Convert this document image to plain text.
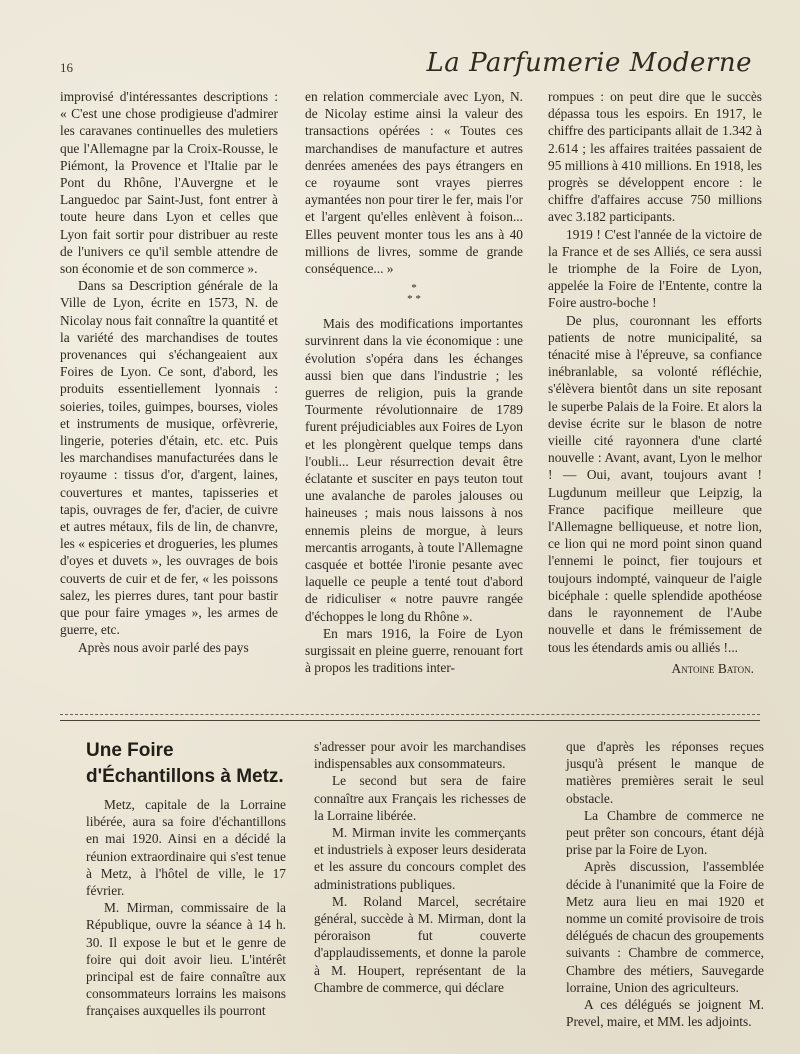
16	La Parfumerie Moderne

improvisé d'intéressantes descriptions : « C'est une chose prodigieuse d'admirer les caravanes continuelles des muletiers que l'Allemagne par la Croix-Rousse, le Piémont, la Provence et l'Italie par le Pont du Rhône, l'Auvergne et le Languedoc par Saint-Just, font entrer à toute heure dans Lyon et celles que Lyon fait sortir pour distribuer au reste de l'univers ce qu'il semble attendre de son économie et de son commerce ».

Dans sa Description générale de la Ville de Lyon, écrite en 1573, N. de Nicolay nous fait connaître la quantité et la variété des marchandises de toutes provenances qui s'échangeaient aux Foires de Lyon. Ce sont, d'abord, les produits essentiellement lyonnais : soieries, toiles, guimpes, bourses, violes et instruments de musique, orfèvrerie, lingerie, poteries d'étain, etc. etc. Puis les marchandises manufacturées dans le royaume : tissus d'or, d'argent, laines, couvertures et mantes, tapisseries et tapis, ouvrages de fer, d'acier, de cuivre et autres métaux, fils de lin, de chanvre, les « espiceries et drogueries, les plumes d'oyes et duvets », les ouvrages de bois couverts de cuir et de fer, « les poissons salez, les pierres dures, tant pour bastir que pour faire ymages », les armes de guerre, etc.

Après nous avoir parlé des pays

en relation commerciale avec Lyon, N. de Nicolay estime ainsi la valeur des transactions opérées : « Toutes ces marchandises de manufacture et autres denrées amenées des pays étrangers en ce royaume sont vrayes pierres aymantées non pour tirer le fer, mais l'or et l'argent qu'elles enlèvent à foison... Elles peuvent monter tous les ans à 40 millions de livres, somme de grande conséquence... »

*
* *

Mais des modifications importantes survinrent dans la vie économique : une évolution s'opéra dans les échanges aussi bien que dans l'industrie ; les guerres de religion, puis la grande Tourmente révolutionnaire de 1789 furent préjudiciables aux Foires de Lyon et les plongèrent quelque temps dans l'oubli... Leur résurrection devait être éclatante et susciter en pays teuton tout une avalanche de paroles jalouses ou haineuses ; mais nous laissons à nos ennemis pleins de morgue, à leurs mercantis arrogants, à toute l'Allemagne casquée et bottée l'ironie pesante avec laquelle ce peuple a tenté tout d'abord de ridiculiser « notre pauvre rangée d'échoppes le long du Rhône ».

En mars 1916, la Foire de Lyon surgissait en pleine guerre, renouant fort à propos les traditions inter-

rompues : on peut dire que le succès dépassa tous les espoirs. En 1917, le chiffre des participants allait de 1.342 à 2.614 ; les affaires traitées passaient de 95 millions à 410 millions. En 1918, les progrès se développent encore : le chiffre d'affaires accuse 750 millions avec 3.182 participants.

1919 ! C'est l'année de la victoire de la France et de ses Alliés, ce sera aussi le triomphe de la Foire de Lyon, appelée la Foire de l'Entente, contre la Foire austro-boche !

De plus, couronnant les efforts patients de notre municipalité, sa ténacité mise à l'épreuve, sa confiance inébranlable, sa volonté réfléchie, s'élèvera bientôt dans un site reposant le superbe Palais de la Foire. Et alors la devise écrite sur le blason de notre vieille cité rayonnera d'une clarté nouvelle : Avant, avant, Lyon le melhor ! — Oui, avant, toujours avant ! Lugdunum meilleur que Leipzig, la France pacifique meilleure que l'Allemagne belliqueuse, et notre lion, ce lion qui ne mord point sinon quand l'ennemi le poinct, fier toujours et toujours indompté, vainqueur de l'aigle bicéphale : quelle splendide apothéose dans le rayonnement de l'Aube nouvelle et dans le frémissement de tous les étendards amis ou alliés !...

Antoine Baton.
Une Foire d'Échantillons à Metz.

Metz, capitale de la Lorraine libérée, aura sa foire d'échantillons en mai 1920. Ainsi en a décidé la réunion extraordinaire qui s'est tenue à Metz, à l'hôtel de ville, le 17 février.

M. Mirman, commissaire de la République, ouvre la séance à 14 h. 30. Il expose le but et le genre de foire qui doit avoir lieu. L'intérêt principal est de faire connaître aux consommateurs lorrains les maisons françaises auxquelles ils pourront

s'adresser pour avoir les marchandises indispensables aux consommateurs.

Le second but sera de faire connaître aux Français les richesses de la Lorraine libérée.

M. Mirman invite les commerçants et industriels à exposer leurs desiderata et les assure du concours complet des administrations publiques.

M. Roland Marcel, secrétaire général, succède à M. Mirman, dont la péroraison fut couverte d'applaudissements, et donne la parole à M. Houpert, représentant de la Chambre de commerce, qui déclare

que d'après les réponses reçues jusqu'à présent le manque de matières premières serait le seul obstacle.

La Chambre de commerce ne peut prêter son concours, étant déjà prise par la Foire de Lyon.

Après discussion, l'assemblée décide à l'unanimité que la Foire de Metz aura lieu en mai 1920 et nomme un comité provisoire de trois délégués de chacun des groupements suivants : Chambre de commerce, Chambre des métiers, Sauvegarde lorraine, Union des agriculteurs.

A ces délégués se joignent M. Prevel, maire, et MM. les adjoints.
